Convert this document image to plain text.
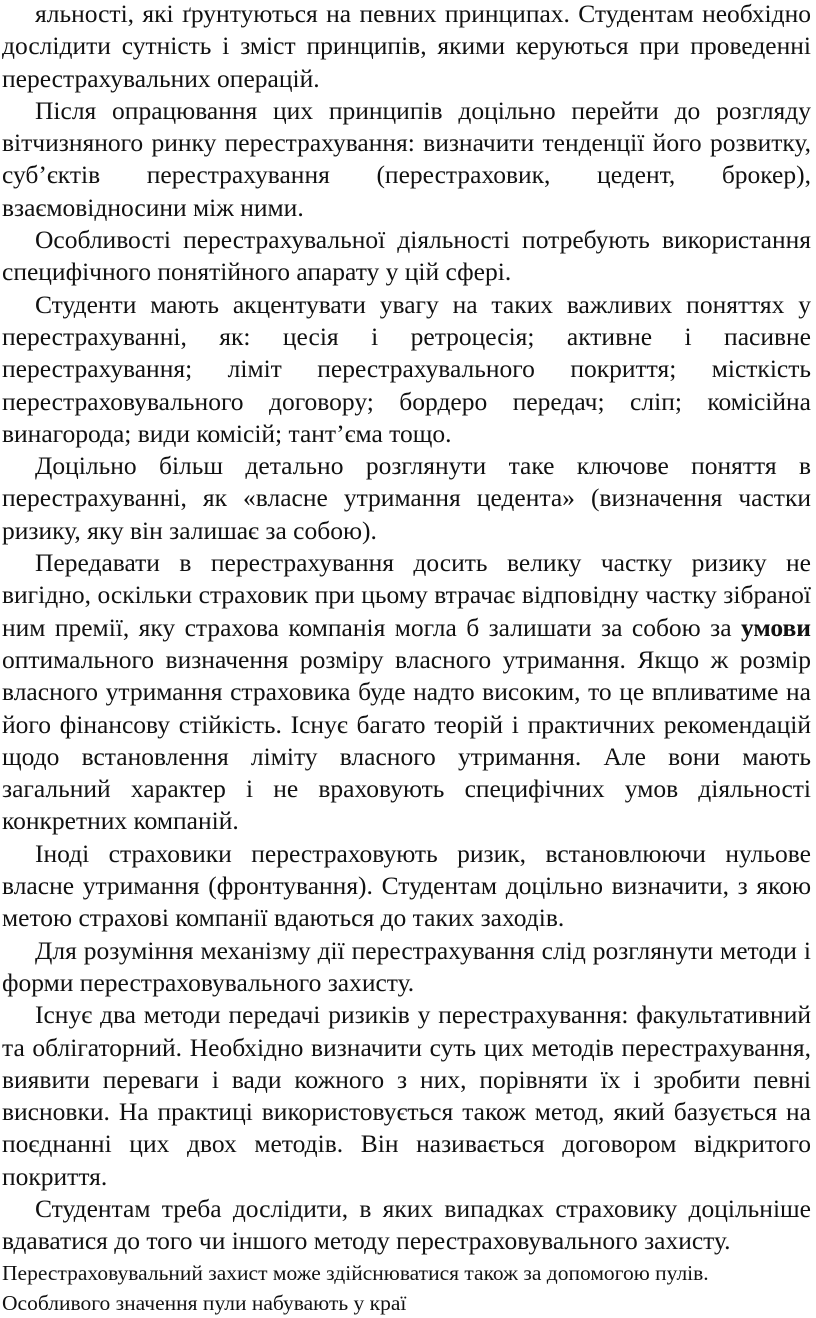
яльності, які ґрунтуються на певних принципах. Студентам необхідно дослідити сутність і зміст принципів, якими керуються при проведенні перестрахувальних операцій.

Після опрацювання цих принципів доцільно перейти до розгляду вітчизняного ринку перестрахування: визначити тенденції його розвитку, суб’єктів перестрахування (перестраховик, цедент, брокер), взаємовідносини між ними.

Особливості перестрахувальної діяльності потребують використання специфічного понятійного апарату у цій сфері.

Студенти мають акцентувати увагу на таких важливих поняттях у перестрахуванні, як: цесія і ретроцесія; активне і пасивне перестрахування; ліміт перестрахувального покриття; місткість перестраховувального договору; бордеро передач; сліп; комісійна винагорода; види комісій; тант’єма тощо.

Доцільно більш детально розглянути таке ключове поняття в перестрахуванні, як «власне утримання цедента» (визначення частки ризику, яку він залишає за собою).

Передавати в перестрахування досить велику частку ризику не вигідно, оскільки страховик при цьому втрачає відповідну частку зібраної ним премії, яку страхова компанія могла б залишати за собою за умови оптимального визначення розміру власного утримання. Якщо ж розмір власного утримання страховика буде надто високим, то це впливатиме на його фінансову стійкість. Існує багато теорій і практичних рекомендацій щодо встановлення ліміту власного утримання. Але вони мають загальний характер і не враховують специфічних умов діяльності конкретних компаній.

Іноді страховики перестраховують ризик, встановлюючи нульове власне утримання (фронтування). Студентам доцільно визначити, з якою метою страхові компанії вдаються до таких заходів.

Для розуміння механізму дії перестрахування слід розглянути методи і форми перестраховувального захисту.

Існує два методи передачі ризиків у перестрахування: факультативний та облігаторний. Необхідно визначити суть цих методів перестрахування, виявити переваги і вади кожного з них, порівняти їх і зробити певні висновки. На практиці використовується також метод, який базується на поєднанні цих двох методів. Він називається договором відкритого покриття.

Студентам треба дослідити, в яких випадках страховику доцільніше вдаватися до того чи іншого методу перестраховувального захисту.

Перестраховувальний захист може здійснюватися також за допомогою пулів. Особливого значення пули набувають у краї
